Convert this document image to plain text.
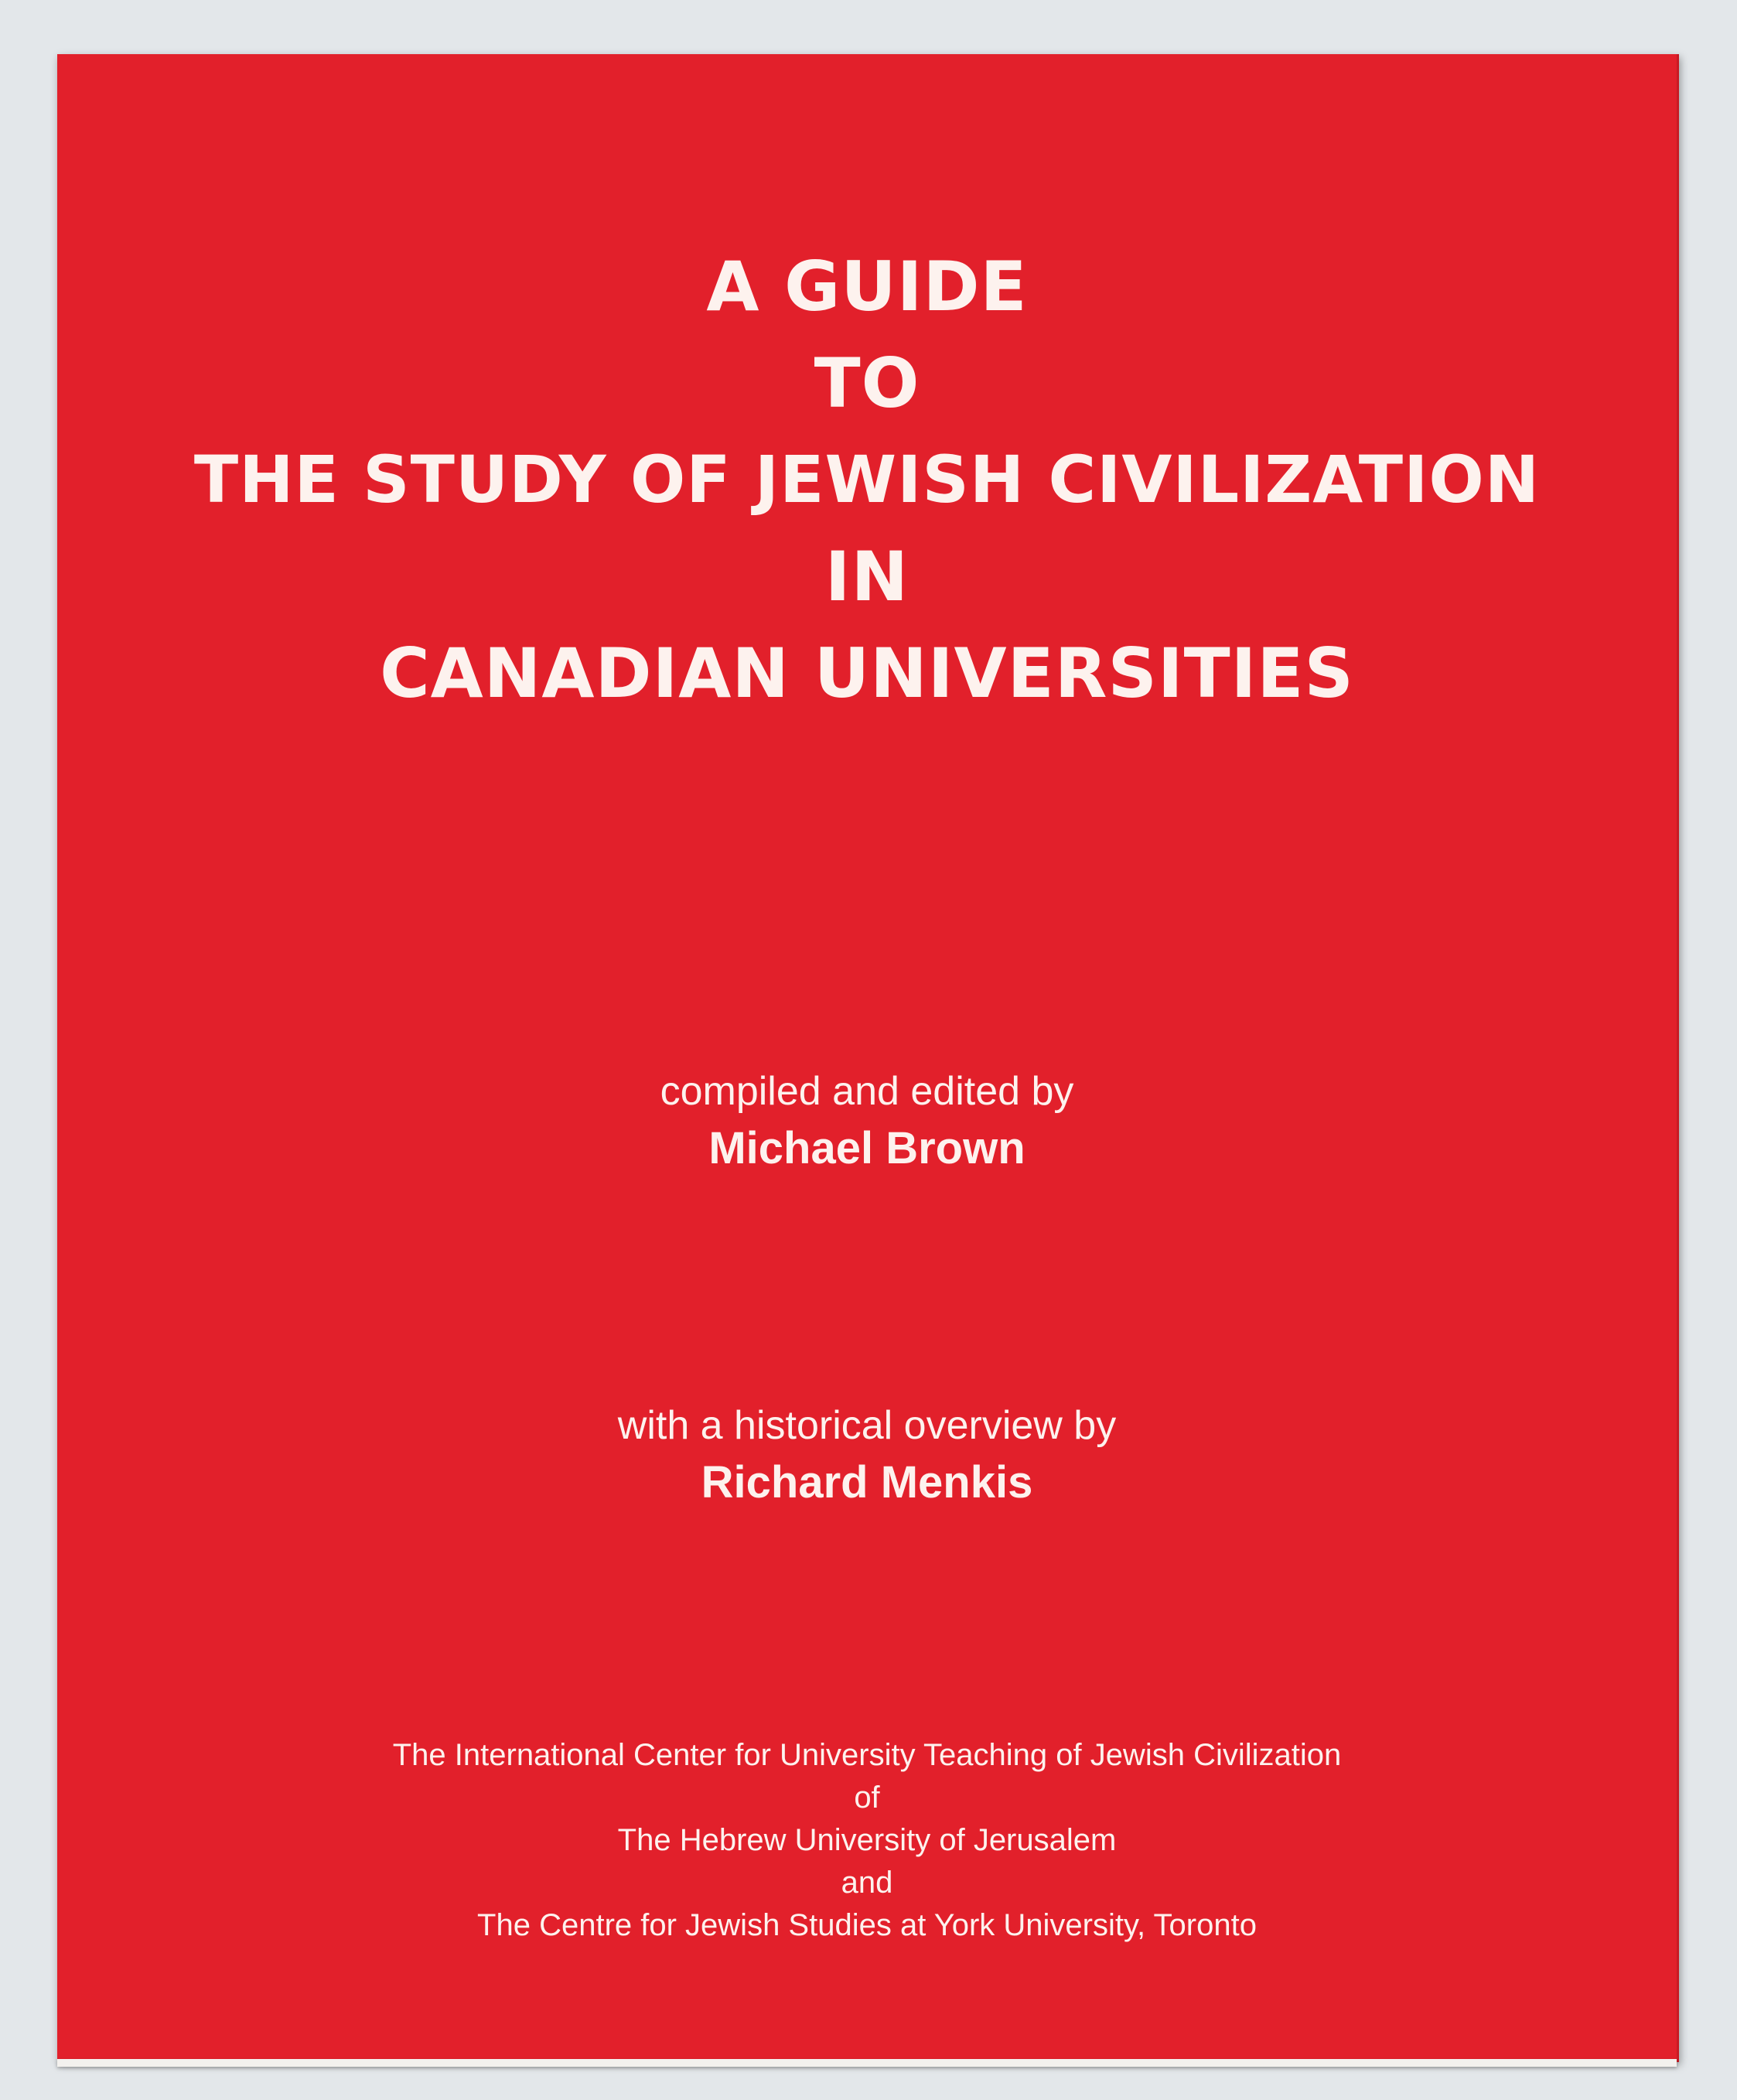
A GUIDE
TO
THE STUDY OF JEWISH CIVILIZATION
IN
CANADIAN UNIVERSITIES
compiled and edited by
Michael Brown
with a historical overview by
Richard Menkis
The International Center for University Teaching of Jewish Civilization
of
The Hebrew University of Jerusalem
and
The Centre for Jewish Studies at York University, Toronto
